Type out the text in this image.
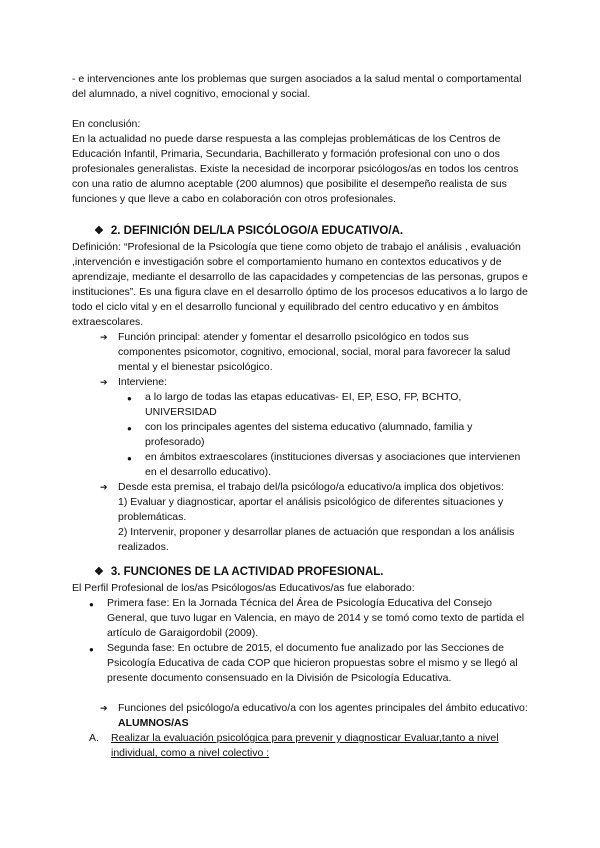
- e intervenciones ante los problemas que surgen asociados a la salud mental o comportamental del alumnado, a nivel cognitivo, emocional y social.

En conclusión:

En la actualidad no puede darse respuesta a las complejas problemáticas de los Centros de Educación Infantil, Primaria, Secundaria, Bachillerato y formación profesional con uno o dos profesionales generalistas. Existe la necesidad de incorporar psicólogos/as en todos los centros con una ratio de alumno aceptable (200 alumnos) que posibilite el desempeño realista de sus funciones y que lleve a cabo en colaboración con otros profesionales.

❖ 2. DEFINICIÓN DEL/LA PSICÓLOGO/A EDUCATIVO/A.

Definición: “Profesional de la Psicología que tiene como objeto de trabajo el análisis , evaluación ,intervención e investigación sobre el comportamiento humano en contextos educativos y de aprendizaje, mediante el desarrollo de las capacidades y competencias de las personas, grupos e instituciones”. Es una figura clave en el desarrollo óptimo de los procesos educativos a lo largo de todo el ciclo vital y en el desarrollo funcional y equilibrado del centro educativo y en ámbitos extraescolares.

➔ Función principal: atender y fomentar el desarrollo psicológico en todos sus componentes psicomotor, cognitivo, emocional, social, moral para favorecer la salud mental y el bienestar psicológico.
➔ Interviene:
●	a lo largo de todas las etapas educativas- EI, EP, ESO, FP, BCHTO, UNIVERSIDAD
●	con los principales agentes del sistema educativo (alumnado, familia y profesorado)
●	en ámbitos extraescolares (instituciones diversas y asociaciones que intervienen en el desarrollo educativo).
➔ Desde esta premisa, el trabajo del/la psicólogo/a educativo/a implica dos objetivos:
1) Evaluar y diagnosticar, aportar el análisis psicológico de diferentes situaciones y problemáticas.
2) Intervenir, proponer y desarrollar planes de actuación que respondan a los análisis realizados.
❖ 3. FUNCIONES DE LA ACTIVIDAD PROFESIONAL.

El Perfil Profesional de los/as Psicólogos/as Educativos/as fue elaborado:

●	Primera fase: En la Jornada Técnica del Área de Psicología Educativa del Consejo General, que tuvo lugar en Valencia, en mayo de 2014 y se tomó como texto de partida el artículo de Garaigordobil (2009).
●	Segunda fase: En octubre de 2015, el documento fue analizado por las Secciones de Psicología Educativa de cada COP que hicieron propuestas sobre el mismo y se llegó al presente documento consensuado en la División de Psicología Educativa.
➔ Funciones del psicólogo/a educativo/a con los agentes principales del ámbito educativo: ALUMNOS/AS
A.	Realizar la evaluación psicológica para prevenir y diagnosticar Evaluar,tanto a nivel individual, como a nivel colectivo :
